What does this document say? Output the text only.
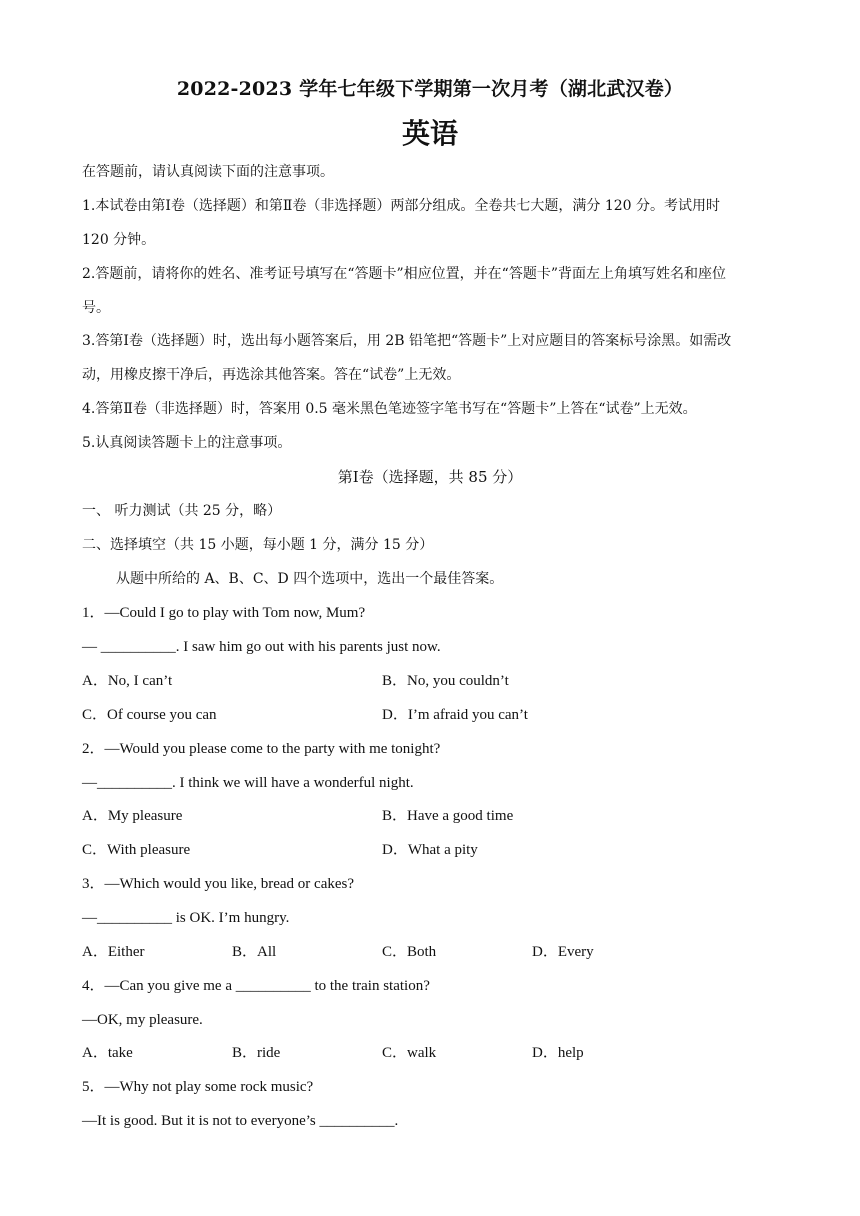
2022-2023 学年七年级下学期第一次月考（湖北武汉卷）
英语
在答题前，请认真阅读下面的注意事项。
1.本试卷由第Ⅰ卷（选择题）和第Ⅱ卷（非选择题）两部分组成。全卷共七大题，满分 120 分。考试用时
120 分钟。
2.答题前，请将你的姓名、准考证号填写在“答题卡”相应位置，并在“答题卡”背面左上角填写姓名和座位
号。
3.答第Ⅰ卷（选择题）时，选出每小题答案后，用 2B 铅笔把“答题卡”上对应题目的答案标号涂黑。如需改
动，用橡皮擦干净后，再选涂其他答案。答在“试卷”上无效。
4.答第Ⅱ卷（非选择题）时，答案用 0.5 毫米黑色笔迹签字笔书写在“答题卡”上答在“试卷”上无效。
5.认真阅读答题卡上的注意事项。
第Ⅰ卷（选择题，共 85 分）
一、 听力测试（共 25 分，略）
二、选择填空（共 15 小题，每小题 1 分，满分 15 分）
从题中所给的 A、B、C、D 四个选项中，选出一个最佳答案。
1．—Could I go to play with Tom now, Mum?
— __________. I saw him go out with his parents just now.
A．No, I can’t	B．No, you couldn’t
C．Of course you can	D．I’m afraid you can’t
2．—Would you please come to the party with me tonight?
—__________. I think we will have a wonderful night.
A．My pleasure	B．Have a good time
C．With pleasure	D．What a pity
3．—Which would you like, bread or cakes?
—__________ is OK. I’m hungry.
A．Either	B．All	C．Both	D．Every
4．—Can you give me a __________ to the train station?
—OK, my pleasure.
A．take	B．ride	C．walk	D．help
5．—Why not play some rock music?
—It is good. But it is not to everyone’s __________.
